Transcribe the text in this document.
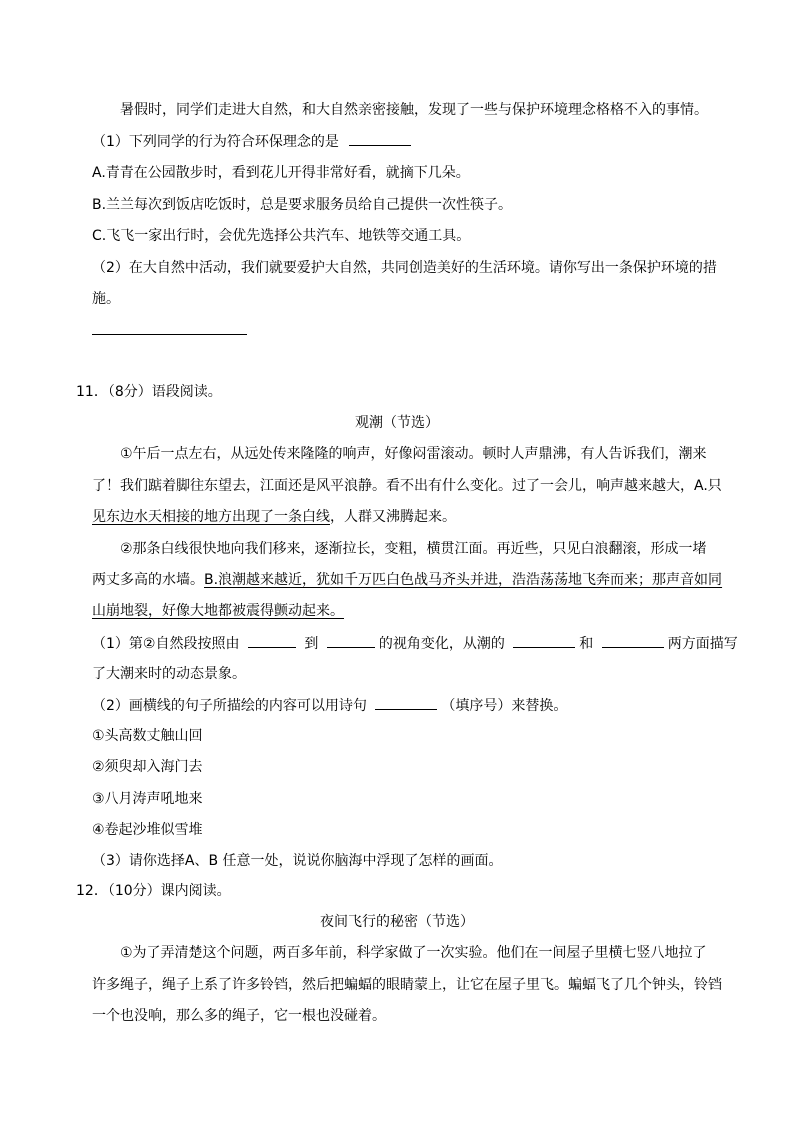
暑假时，同学们走进大自然，和大自然亲密接触，发现了一些与保护环境理念格格不入的事情。
（1）下列同学的行为符合环保理念的是
A.青青在公园散步时，看到花儿开得非常好看，就摘下几朵。
B.兰兰每次到饭店吃饭时，总是要求服务员给自己提供一次性筷子。
C.飞飞一家出行时，会优先选择公共汽车、地铁等交通工具。
（2）在大自然中活动，我们就要爱护大自然，共同创造美好的生活环境。请你写出一条保护环境的措
施。
11．（8分）语段阅读。
观潮（节选）
①午后一点左右，从远处传来隆隆的响声，好像闷雷滚动。顿时人声鼎沸，有人告诉我们，潮来
了！我们踮着脚往东望去，江面还是风平浪静。看不出有什么变化。过了一会儿，响声越来越大，A.只
见东边水天相接的地方出现了一条白线，人群又沸腾起来。
②那条白线很快地向我们移来，逐渐拉长，变粗，横贯江面。再近些，只见白浪翻滚，形成一堵
两丈多高的水墙。B.浪潮越来越近，犹如千万匹白色战马齐头并进，浩浩荡荡地飞奔而来；那声音如同
山崩地裂，好像大地都被震得颤动起来。
（1）第②自然段按照由	到	的视角变化，从潮的	和	两方面描写
了大潮来时的动态景象。
（2）画横线的句子所描绘的内容可以用诗句	（填序号）来替换。
①头高数丈触山回
②须臾却入海门去
③八月涛声吼地来
④卷起沙堆似雪堆
（3）请你选择A、B 任意一处，说说你脑海中浮现了怎样的画面。
12．（10分）课内阅读。
夜间飞行的秘密（节选）
①为了弄清楚这个问题，两百多年前，科学家做了一次实验。他们在一间屋子里横七竖八地拉了
许多绳子，绳子上系了许多铃铛，然后把蝙蝠的眼睛蒙上，让它在屋子里飞。蝙蝠飞了几个钟头，铃铛
一个也没响，那么多的绳子，它一根也没碰着。
